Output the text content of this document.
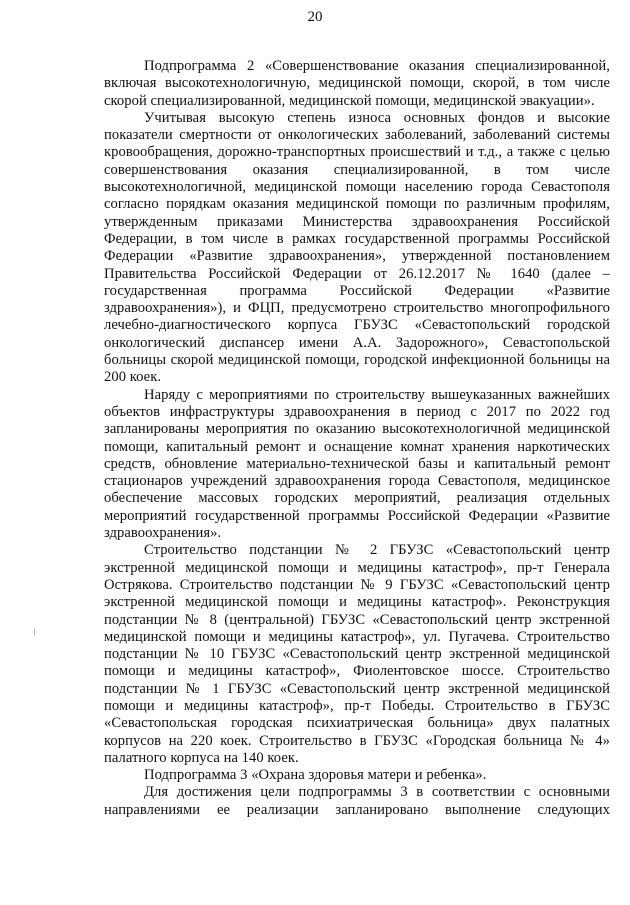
20

Подпрограмма 2 «Совершенствование оказания специализированной, включая высокотехнологичную, медицинской помощи, скорой, в том числе скорой специализированной, медицинской помощи, медицинской эвакуации».

Учитывая высокую степень износа основных фондов и высокие показатели смертности от онкологических заболеваний, заболеваний системы кровообращения, дорожно-транспортных происшествий и т.д., а также с целью совершенствования оказания специализированной, в том числе высокотехнологичной, медицинской помощи населению города Севастополя согласно порядкам оказания медицинской помощи по различным профилям, утвержденным приказами Министерства здравоохранения Российской Федерации, в том числе в рамках государственной программы Российской Федерации «Развитие здравоохранения», утвержденной постановлением Правительства Российской Федерации от 26.12.2017 № 1640 (далее – государственная программа Российской Федерации «Развитие здравоохранения»), и ФЦП, предусмотрено строительство многопрофильного лечебно-диагностического корпуса ГБУЗС «Севастопольский городской онкологический диспансер имени А.А. Задорожного», Севастопольской больницы скорой медицинской помощи, городской инфекционной больницы на 200 коек.

Наряду с мероприятиями по строительству вышеуказанных важнейших объектов инфраструктуры здравоохранения в период с 2017 по 2022 год запланированы мероприятия по оказанию высокотехнологичной медицинской помощи, капитальный ремонт и оснащение комнат хранения наркотических средств, обновление материально-технической базы и капитальный ремонт стационаров учреждений здравоохранения города Севастополя, медицинское обеспечение массовых городских мероприятий, реализация отдельных мероприятий государственной программы Российской Федерации «Развитие здравоохранения».

Строительство подстанции № 2 ГБУЗС «Севастопольский центр экстренной медицинской помощи и медицины катастроф», пр-т Генерала Острякова. Строительство подстанции № 9 ГБУЗС «Севастопольский центр экстренной медицинской помощи и медицины катастроф». Реконструкция подстанции № 8 (центральной) ГБУЗС «Севастопольский центр экстренной медицинской помощи и медицины катастроф», ул. Пугачева. Строительство подстанции № 10 ГБУЗС «Севастопольский центр экстренной медицинской помощи и медицины катастроф», Фиолентовское шоссе. Строительство подстанции № 1 ГБУЗС «Севастопольский центр экстренной медицинской помощи и медицины катастроф», пр-т Победы. Строительство в ГБУЗС «Севастопольская городская психиатрическая больница» двух палатных корпусов на 220 коек. Строительство в ГБУЗС «Городская больница № 4» палатного корпуса на 140 коек.

Подпрограмма 3 «Охрана здоровья матери и ребенка».

Для достижения цели подпрограммы 3 в соответствии с основными направлениями ее реализации запланировано выполнение следующих
